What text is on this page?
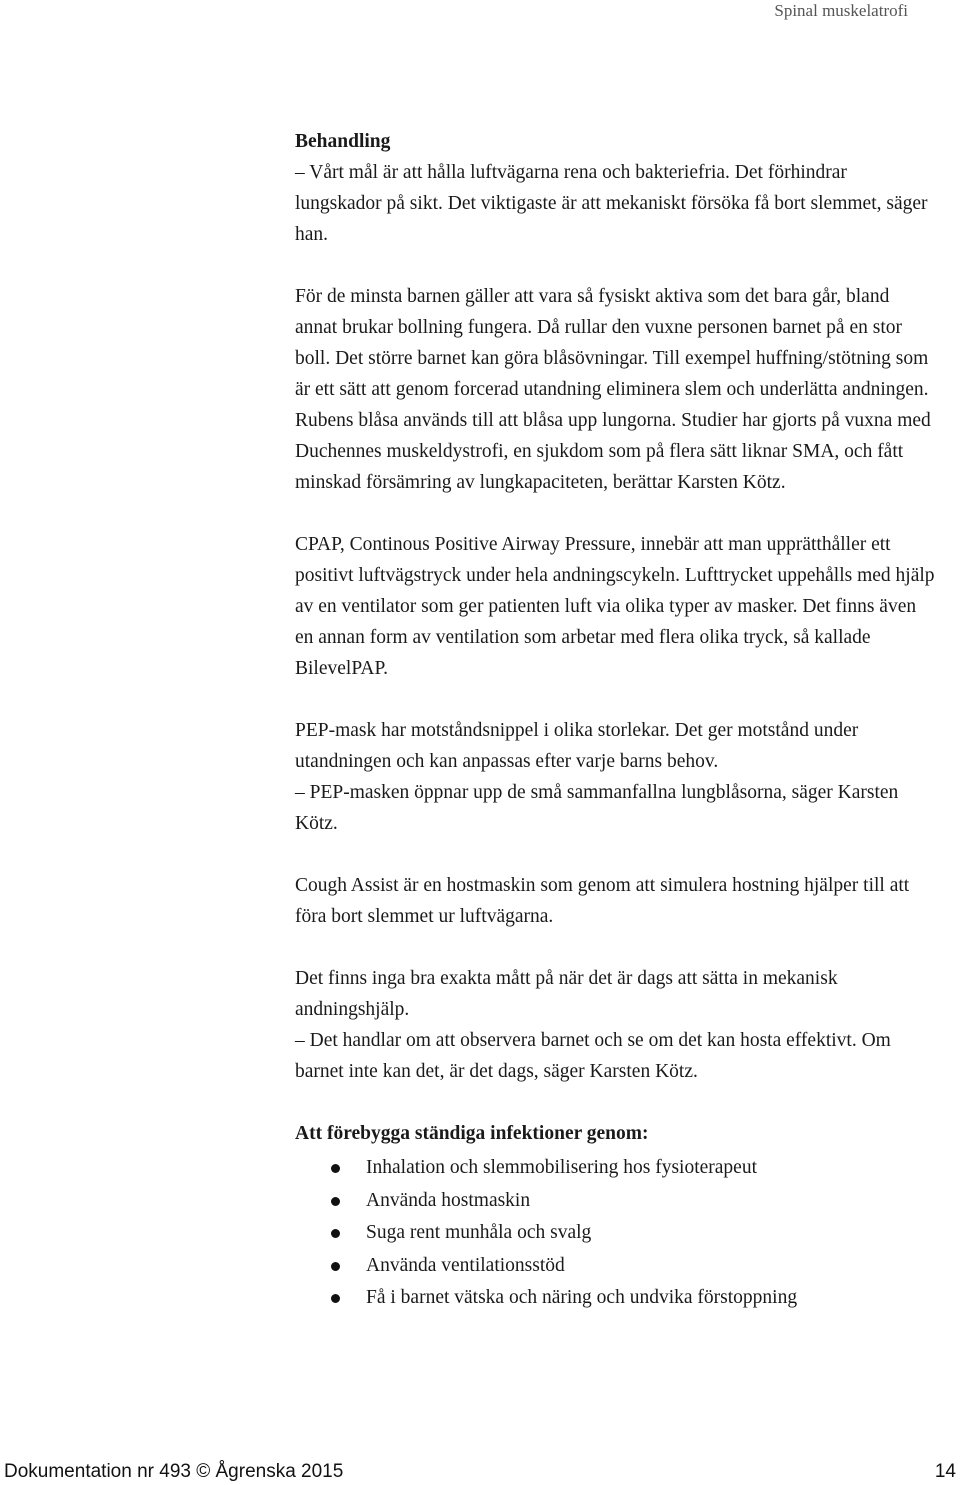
Spinal muskelatrofi
Behandling

– Vårt mål är att hålla luftvägarna rena och bakteriefria. Det förhindrar lungskador på sikt. Det viktigaste är att mekaniskt försöka få bort slemmet, säger han.

För de minsta barnen gäller att vara så fysiskt aktiva som det bara går, bland annat brukar bollning fungera. Då rullar den vuxne personen barnet på en stor boll. Det större barnet kan göra blåsövningar. Till exempel huffning/stötning som är ett sätt att genom forcerad utandning eliminera slem och underlätta andningen.

Rubens blåsa används till att blåsa upp lungorna. Studier har gjorts på vuxna med Duchennes muskeldystrofi, en sjukdom som på flera sätt liknar SMA, och fått minskad försämring av lungkapaciteten, berättar Karsten Kötz.

CPAP, Continous Positive Airway Pressure, innebär att man upprätthåller ett positivt luftvägstryck under hela andningscykeln. Lufttrycket uppehålls med hjälp av en ventilator som ger patienten luft via olika typer av masker. Det finns även en annan form av ventilation som arbetar med flera olika tryck, så kallade BilevelPAP.

PEP-mask har motståndsnippel i olika storlekar. Det ger motstånd under utandningen och kan anpassas efter varje barns behov.

– PEP-masken öppnar upp de små sammanfallna lungblåsorna, säger Karsten Kötz.

Cough Assist är en hostmaskin som genom att simulera hostning hjälper till att föra bort slemmet ur luftvägarna.

Det finns inga bra exakta mått på när det är dags att sätta in mekanisk andningshjälp.

– Det handlar om att observera barnet och se om det kan hosta effektivt. Om barnet inte kan det, är det dags, säger Karsten Kötz.

Att förebygga ständiga infektioner genom:
Inhalation och slemmobilisering hos fysioterapeut
Använda hostmaskin
Suga rent munhåla och svalg
Använda ventilationsstöd
Få i barnet vätska och näring och undvika förstoppning
Dokumentation nr 493 © Ågrenska 2015	14
